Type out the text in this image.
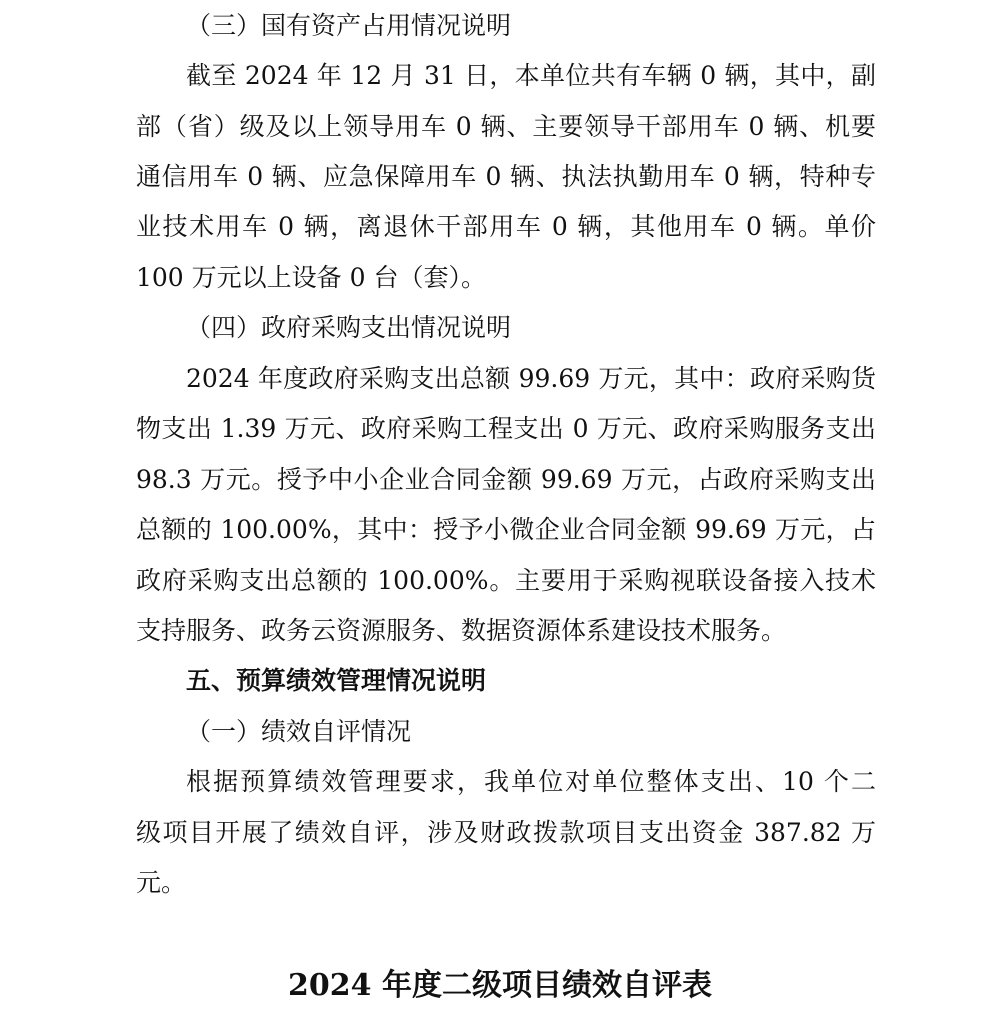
（三）国有资产占用情况说明
截至 2024 年 12 月 31 日，本单位共有车辆 0 辆，其中，副
部（省）级及以上领导用车 0 辆、主要领导干部用车 0 辆、机要
通信用车 0 辆、应急保障用车 0 辆、执法执勤用车 0 辆，特种专
业技术用车 0 辆，离退休干部用车 0 辆，其他用车 0 辆。单价
100 万元以上设备 0 台（套）。
（四）政府采购支出情况说明
2024 年度政府采购支出总额 99.69 万元，其中：政府采购货
物支出 1.39 万元、政府采购工程支出 0 万元、政府采购服务支出
98.3 万元。授予中小企业合同金额 99.69 万元，占政府采购支出
总额的 100.00%，其中：授予小微企业合同金额 99.69 万元，占
政府采购支出总额的 100.00%。主要用于采购视联设备接入技术
支持服务、政务云资源服务、数据资源体系建设技术服务。
五、预算绩效管理情况说明
（一）绩效自评情况
根据预算绩效管理要求，我单位对单位整体支出、10 个二
级项目开展了绩效自评，涉及财政拨款项目支出资金 387.82 万
元。
2024 年度二级项目绩效自评表
